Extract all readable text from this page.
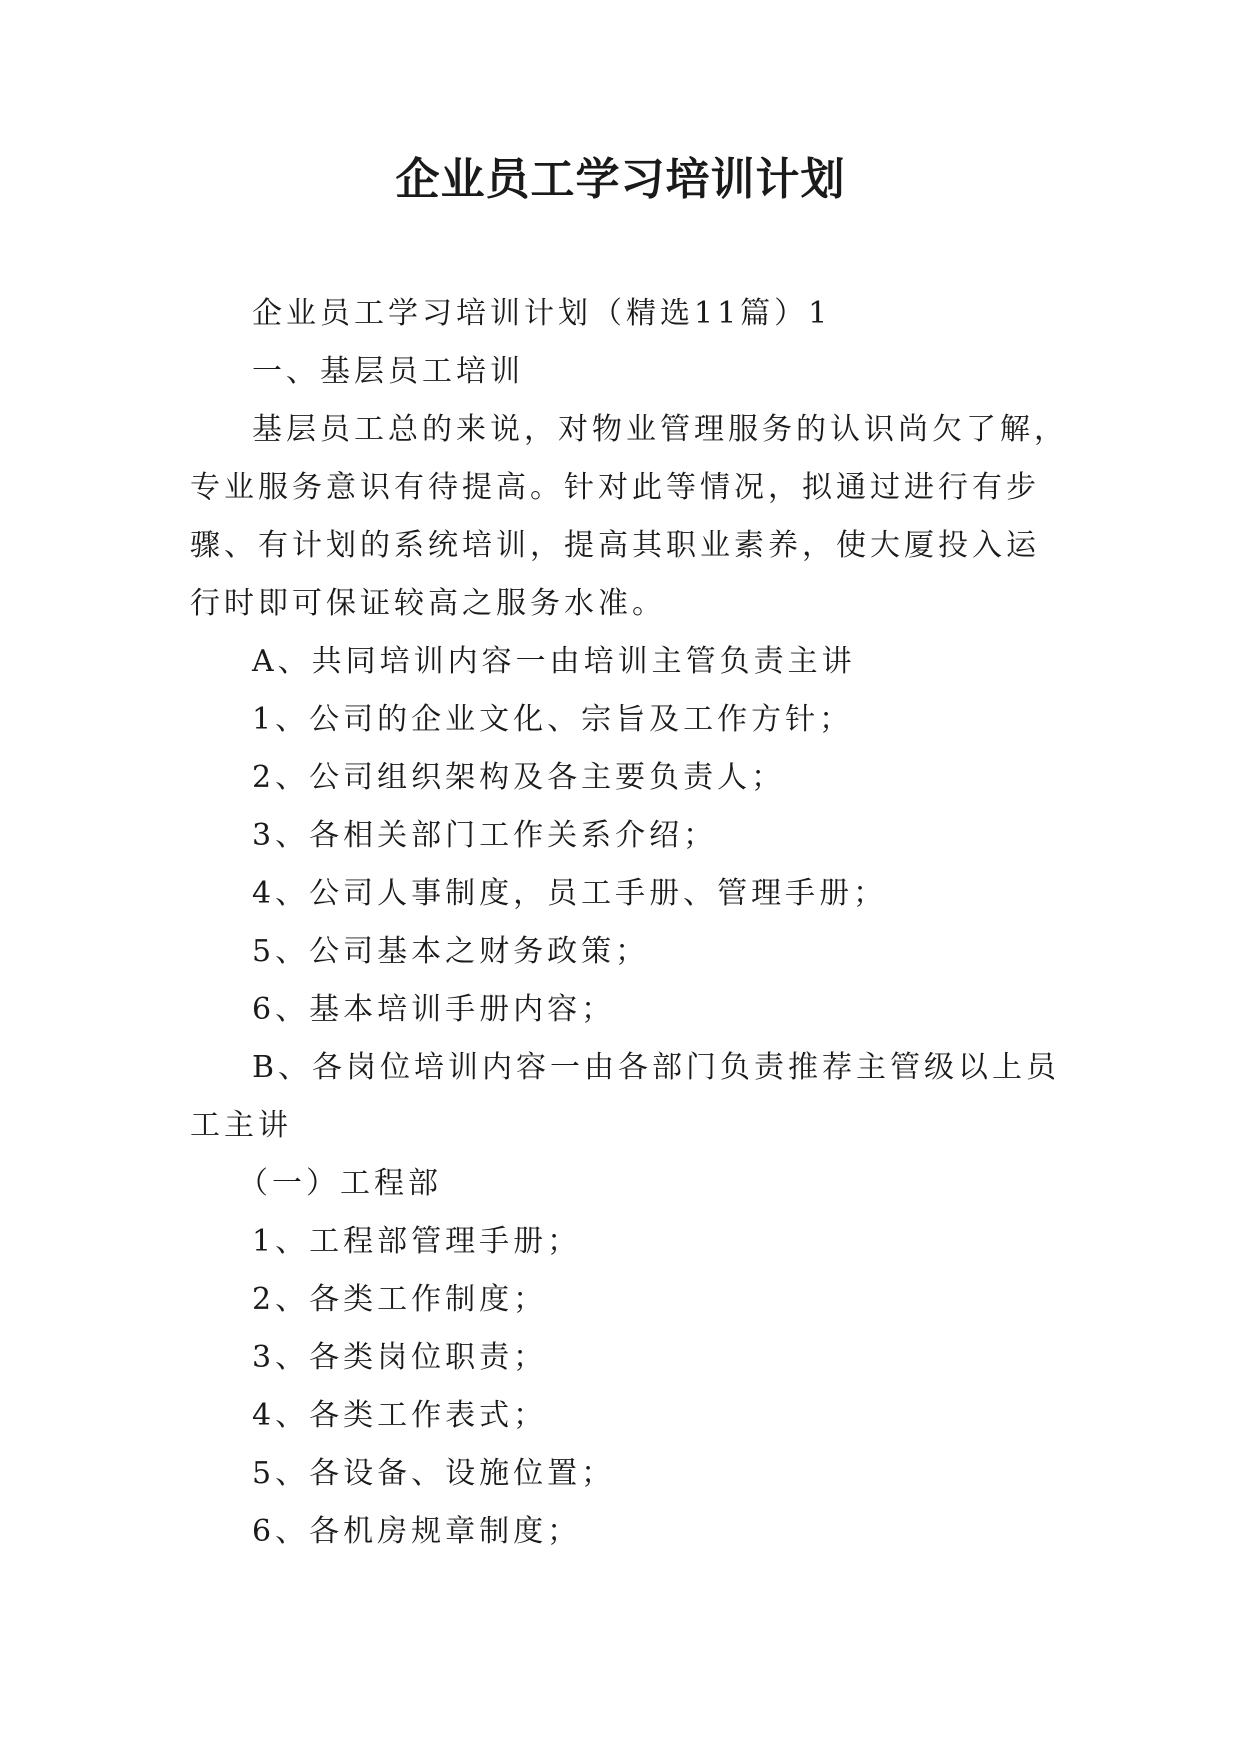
企业员工学习培训计划

企业员工学习培训计划（精选11篇）1

一、基层员工培训

基层员工总的来说，对物业管理服务的认识尚欠了解，专业服务意识有待提高。针对此等情况，拟通过进行有步骤、有计划的系统培训，提高其职业素养，使大厦投入运行时即可保证较高之服务水准。

A、共同培训内容一由培训主管负责主讲

1、公司的企业文化、宗旨及工作方针；

2、公司组织架构及各主要负责人；

3、各相关部门工作关系介绍；

4、公司人事制度，员工手册、管理手册；

5、公司基本之财务政策；

6、基本培训手册内容；

B、各岗位培训内容一由各部门负责推荐主管级以上员工主讲

（一）工程部

1、工程部管理手册；

2、各类工作制度；

3、各类岗位职责；

4、各类工作表式；

5、各设备、设施位置；

6、各机房规章制度；
